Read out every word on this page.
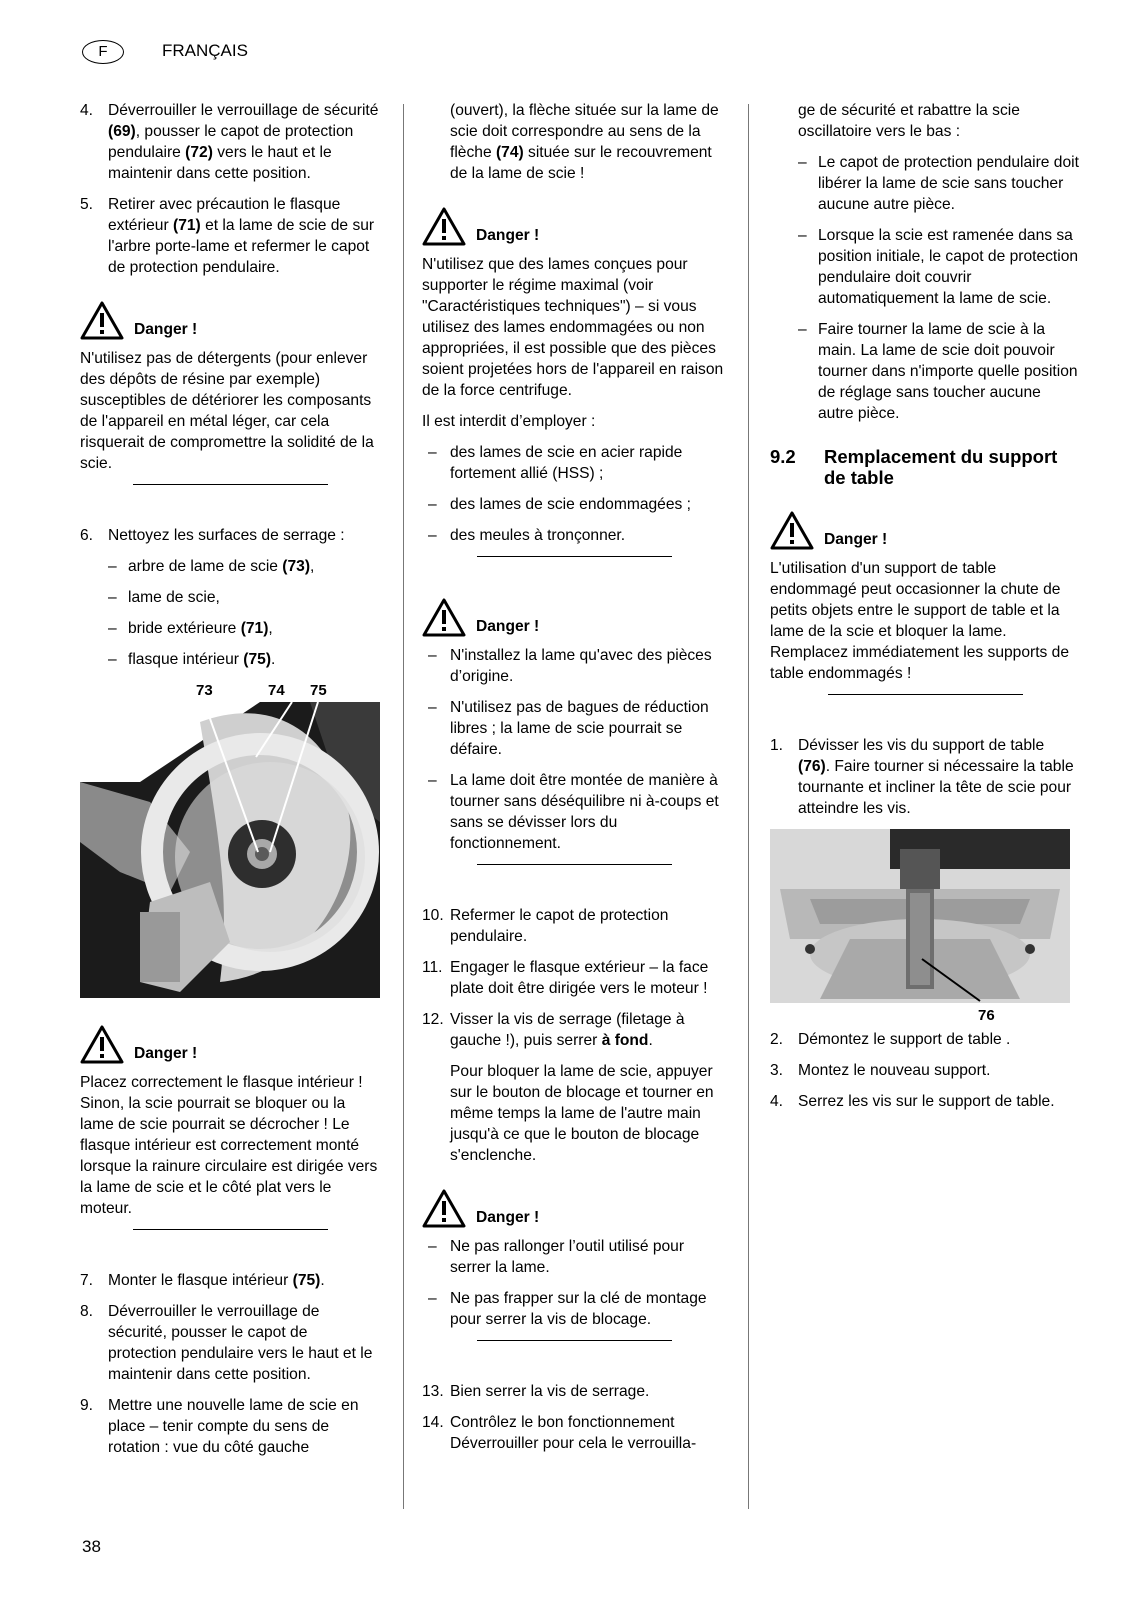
F	FRANÇAIS
4. Déverrouiller le verrouillage de sécurité (69), pousser le capot de protection pendulaire (72) vers le haut et le maintenir dans cette position.
5. Retirer avec précaution le flasque extérieur (71) et la lame de scie de sur l'arbre porte-lame et refermer le capot de protection pendulaire.
Danger !

N'utilisez pas de détergents (pour enlever des dépôts de résine par exemple) susceptibles de détériorer les composants de l'appareil en métal léger, car cela risquerait de compromettre la solidité de la scie.

6. Nettoyez les surfaces de serrage :
– arbre de lame de scie (73),
– lame de scie,
– bride extérieure (71),
– flasque intérieur (75).
73	74 75
Danger !

Placez correctement le flasque intérieur ! Sinon, la scie pourrait se bloquer ou la lame de scie pourrait se décrocher ! Le flasque intérieur est correctement monté lorsque la rainure circulaire est dirigée vers la lame de scie et le côté plat vers le moteur.

7. Monter le flasque intérieur (75).
8. Déverrouiller le verrouillage de sécurité, pousser le capot de protection pendulaire vers le haut et le maintenir dans cette position.
9. Mettre une nouvelle lame de scie en place – tenir compte du sens de rotation : vue du côté gauche
(ouvert), la flèche située sur la lame de scie doit correspondre au sens de la flèche (74) située sur le recouvrement de la lame de scie !
Danger !

N'utilisez que des lames conçues pour supporter le régime maximal (voir "Caractéristiques techniques") – si vous utilisez des lames endommagées ou non appropriées, il est possible que des pièces soient projetées hors de l'appareil en raison de la force centrifuge.

Il est interdit d’employer :

– des lames de scie en acier rapide fortement allié (HSS) ;
– des lames de scie endommagées ;
– des meules à tronçonner.
Danger !
– N'installez la lame qu'avec des pièces d’origine.
– N'utilisez pas de bagues de réduction libres ; la lame de scie pourrait se défaire.
– La lame doit être montée de manière à tourner sans déséquilibre ni à-coups et sans se dévisser lors du fonctionnement.
10. Refermer le capot de protection pendulaire.
11. Engager le flasque extérieur – la face plate doit être dirigée vers le moteur !
12. Visser la vis de serrage (filetage à gauche !), puis serrer à fond.
Pour bloquer la lame de scie, appuyer sur le bouton de blocage et tourner en même temps la lame de l'autre main jusqu'à ce que le bouton de blocage s'enclenche.
Danger !
– Ne pas rallonger l’outil utilisé pour serrer la lame.
– Ne pas frapper sur la clé de montage pour serrer la vis de blocage.
13. Bien serrer la vis de serrage.
14. Contrôlez le bon fonctionnement Déverrouiller pour cela le verrouilla-
ge de sécurité et rabattre la scie oscillatoire vers le bas :
– Le capot de protection pendulaire doit libérer la lame de scie sans toucher aucune autre pièce.
– Lorsque la scie est ramenée dans sa position initiale, le capot de protection pendulaire doit couvrir automatiquement la lame de scie.
– Faire tourner la lame de scie à la main. La lame de scie doit pouvoir tourner dans n'importe quelle position de réglage sans toucher aucune autre pièce.
9.2 Remplacement du support de table
Danger !

L'utilisation d'un support de table endommagé peut occasionner la chute de petits objets entre le support de table et la lame de la scie et bloquer la lame. Remplacez immédiatement les supports de table endommagés !

1. Dévisser les vis du support de table (76). Faire tourner si nécessaire la table tournante et incliner la tête de scie pour atteindre les vis.
76
2. Démontez le support de table .
3. Montez le nouveau support.
4. Serrez les vis sur le support de table.
38
